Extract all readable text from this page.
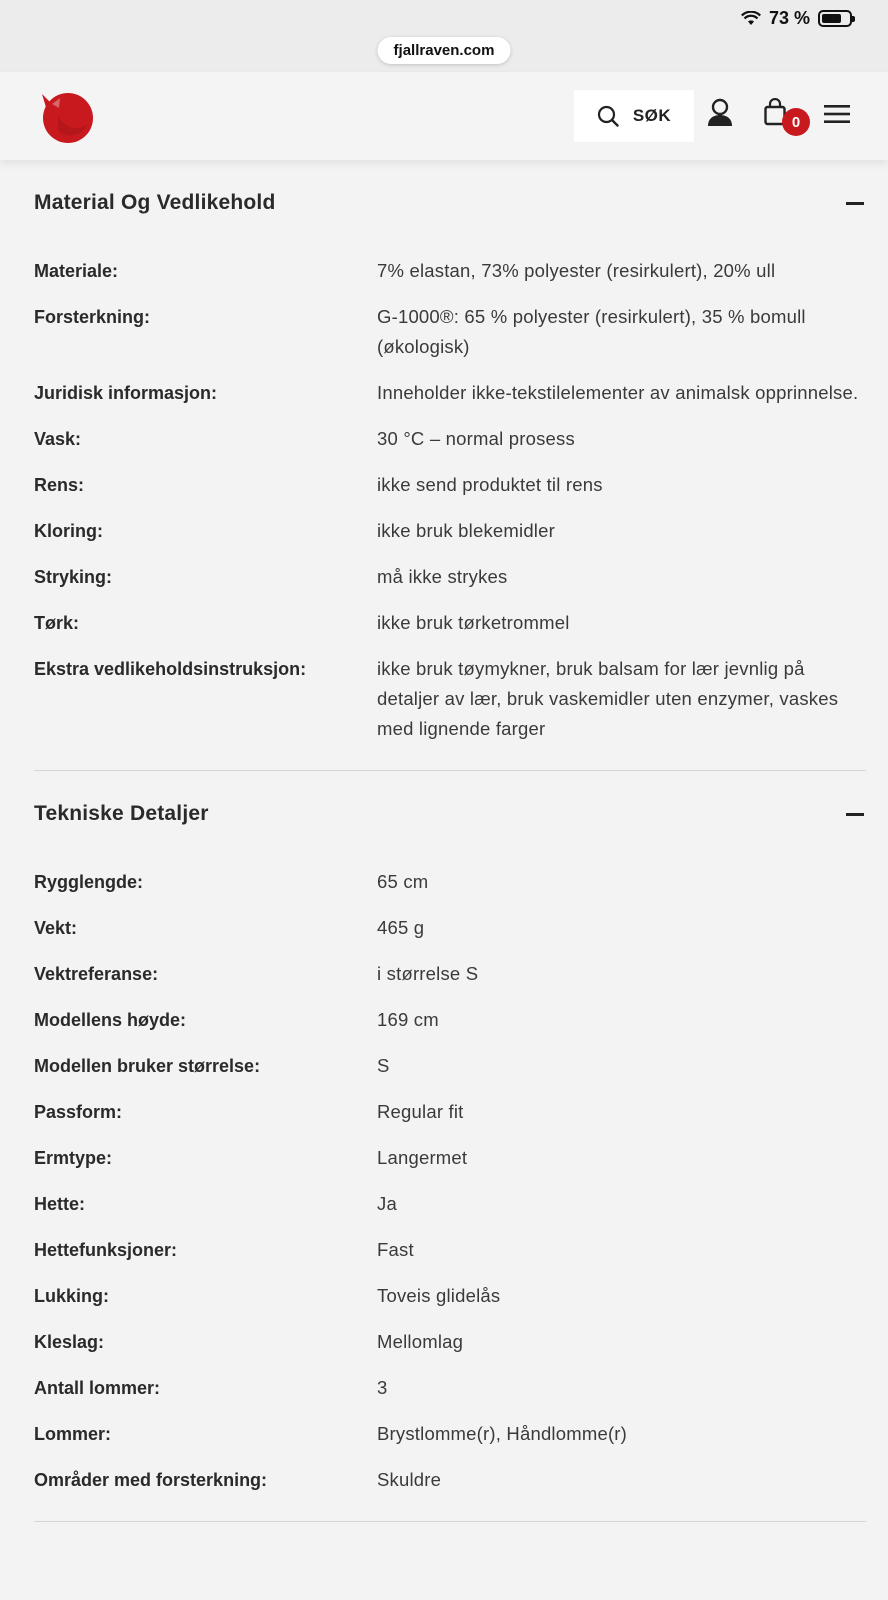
73 %
fjallraven.com
SØK	0
Material Og Vedlikehold
Materiale:	7% elastan, 73% polyester (resirkulert), 20% ull
Forsterkning:	G-1000®: 65 % polyester (resirkulert), 35 % bomull (økologisk)
Juridisk informasjon:	Inneholder ikke-tekstilelementer av animalsk opprinnelse.
Vask:	30 °C – normal prosess
Rens:	ikke send produktet til rens
Kloring:	ikke bruk blekemidler
Stryking:	må ikke strykes
Tørk:	ikke bruk tørketrommel
Ekstra vedlikeholdsinstruksjon:	ikke bruk tøymykner, bruk balsam for lær jevnlig på detaljer av lær, bruk vaskemidler uten enzymer, vaskes med lignende farger
Tekniske Detaljer
Rygglengde:	65 cm
Vekt:	465 g
Vektreferanse:	i størrelse S
Modellens høyde:	169 cm
Modellen bruker størrelse:	S
Passform:	Regular fit
Ermtype:	Langermet
Hette:	Ja
Hettefunksjoner:	Fast
Lukking:	Toveis glidelås
Kleslag:	Mellomlag
Antall lommer:	3
Lommer:	Brystlomme(r), Håndlomme(r)
Områder med forsterkning:	Skuldre
